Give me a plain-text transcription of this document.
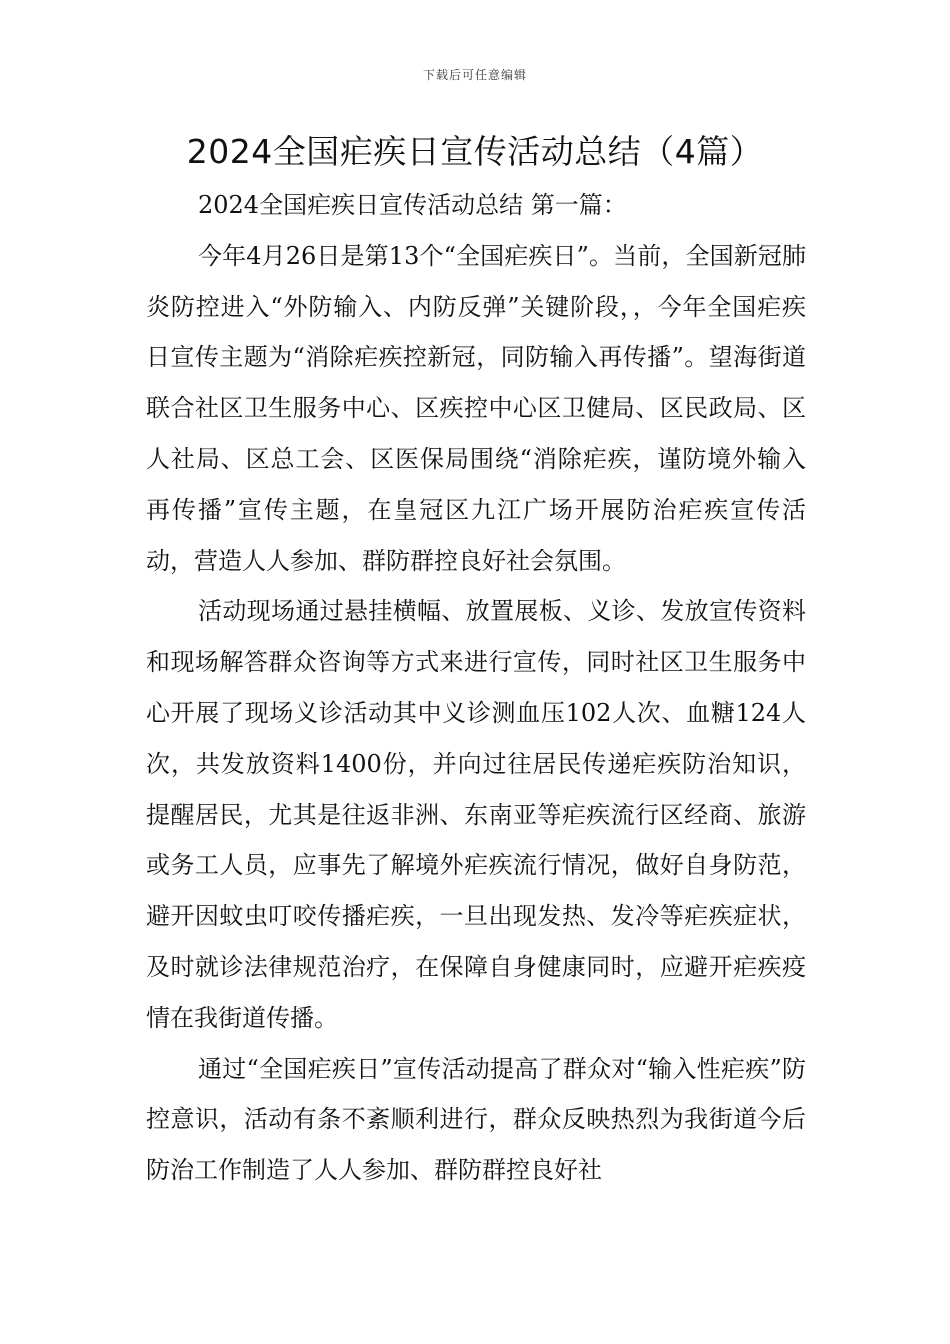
下载后可任意编辑
2024全国疟疾日宣传活动总结（4篇）

2024全国疟疾日宣传活动总结 第一篇：

今年4月26日是第13个“全国疟疾日”。当前，全国新冠肺炎防控进入“外防输入、内防反弹”关键阶段，，今年全国疟疾日宣传主题为“消除疟疾控新冠，同防输入再传播”。望海街道联合社区卫生服务中心、区疾控中心区卫健局、区民政局、区人社局、区总工会、区医保局围绕“消除疟疾，谨防境外输入再传播”宣传主题，在皇冠区九江广场开展防治疟疾宣传活动，营造人人参加、群防群控良好社会氛围。

活动现场通过悬挂横幅、放置展板、义诊、发放宣传资料和现场解答群众咨询等方式来进行宣传，同时社区卫生服务中心开展了现场义诊活动其中义诊测血压102人次、血糖124人次，共发放资料1400份，并向过往居民传递疟疾防治知识，提醒居民，尤其是往返非洲、东南亚等疟疾流行区经商、旅游或务工人员，应事先了解境外疟疾流行情况，做好自身防范，避开因蚊虫叮咬传播疟疾，一旦出现发热、发冷等疟疾症状，及时就诊法律规范治疗，在保障自身健康同时，应避开疟疾疫情在我街道传播。

通过“全国疟疾日”宣传活动提高了群众对“输入性疟疾”防控意识，活动有条不紊顺利进行，群众反映热烈为我街道今后防治工作制造了人人参加、群防群控良好社
